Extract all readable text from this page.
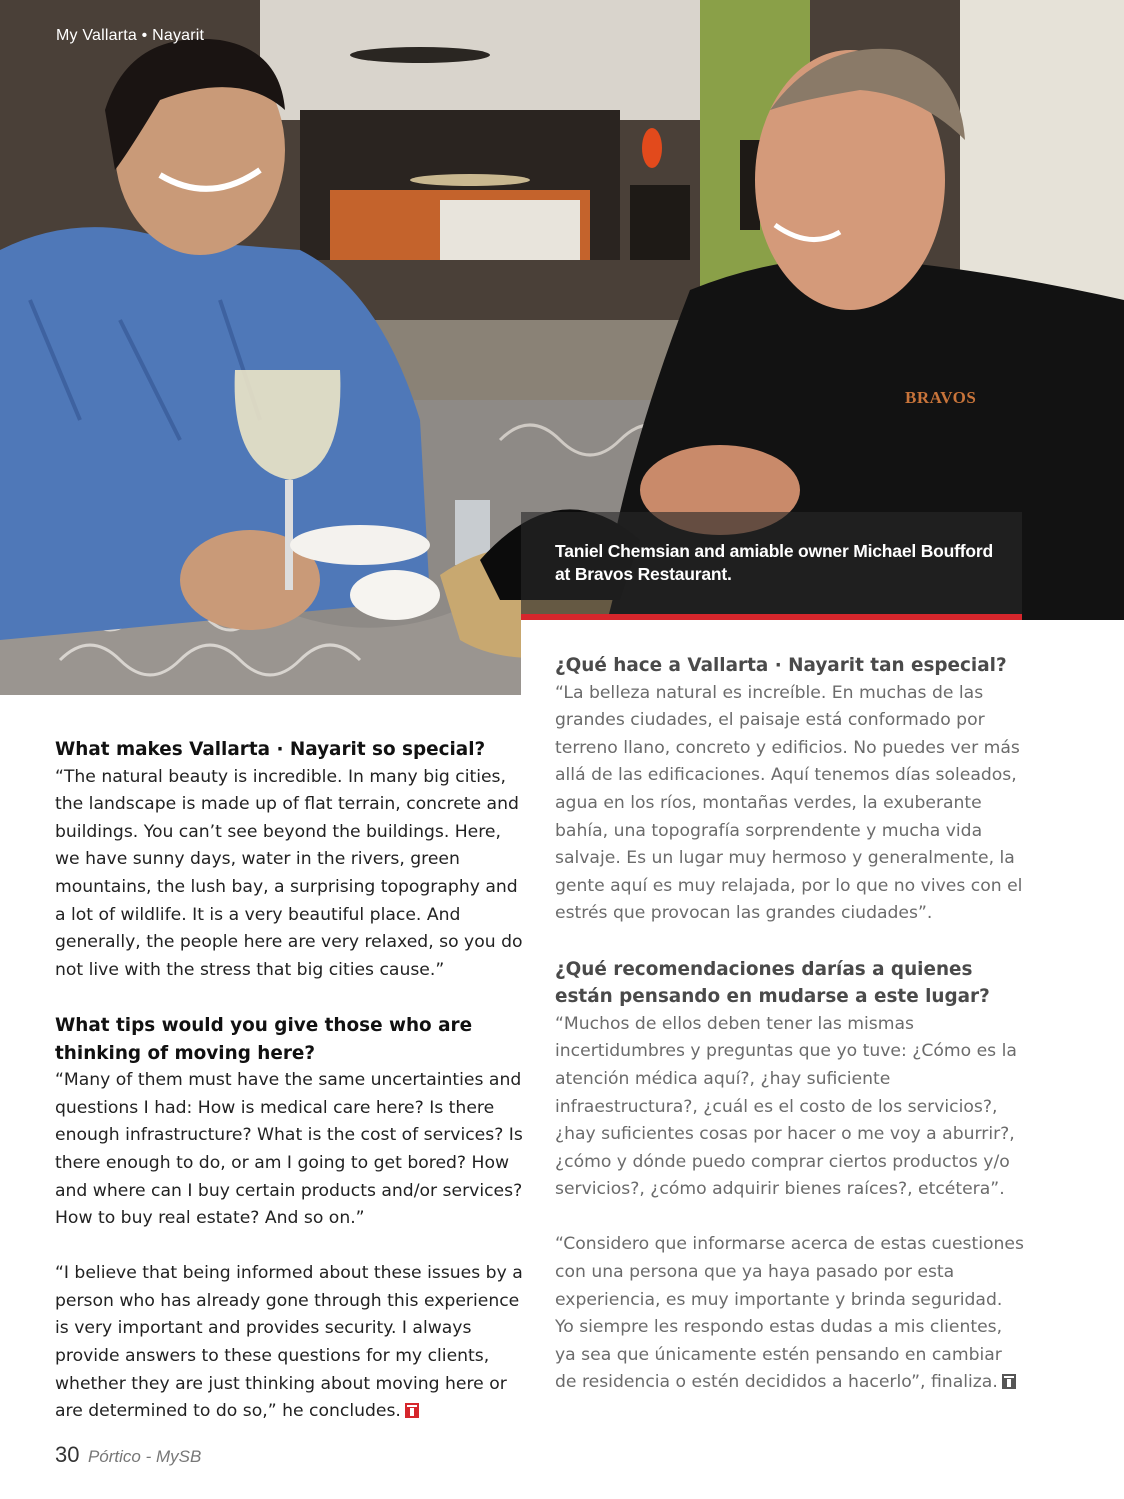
My Vallarta • Nayarit
BRAVOS
Taniel Chemsian and amiable owner Michael Boufford at Bravos Restaurant.
What makes Vallarta · Nayarit so special?

“The natural beauty is incredible. In many big cities, the landscape is made up of flat terrain, concrete and buildings. You can’t see beyond the buildings. Here, we have sunny days, water in the rivers, green mountains, the lush bay, a surprising topography and a lot of wildlife. It is a very beautiful place. And generally, the people here are very relaxed, so you do not live with the stress that big cities cause.”

What tips would you give those who are thinking of moving here?

“Many of them must have the same uncertainties and questions I had: How is medical care here? Is there enough infrastructure? What is the cost of services? Is there enough to do, or am I going to get bored? How and where can I buy certain products and/or services? How to buy real estate? And so on.”

“I believe that being informed about these issues by a person who has already gone through this experience is very important and provides security. I always provide answers to these questions for my clients, whether they are just thinking about moving here or are determined to do so,” he concludes.

¿Qué hace a Vallarta · Nayarit tan especial?

“La belleza natural es increíble. En muchas de las grandes ciudades, el paisaje está conformado por terreno llano, concreto y edificios. No puedes ver más allá de las edificaciones. Aquí tenemos días soleados, agua en los ríos, montañas verdes, la exuberante bahía, una topografía sorprendente y mucha vida salvaje. Es un lugar muy hermoso y generalmente, la gente aquí es muy relajada, por lo que no vives con el estrés que provocan las grandes ciudades”.

¿Qué recomendaciones darías a quienes están pensando en mudarse a este lugar?

“Muchos de ellos deben tener las mismas incertidumbres y preguntas que yo tuve: ¿Cómo es la atención médica aquí?, ¿hay suficiente infraestructura?, ¿cuál es el costo de los servicios?, ¿hay suficientes cosas por hacer o me voy a aburrir?, ¿cómo y dónde puedo comprar ciertos productos y/o servicios?, ¿cómo adquirir bienes raíces?, etcétera”.

“Considero que informarse acerca de estas cuestiones con una persona que ya haya pasado por esta experiencia, es muy importante y brinda seguridad. Yo siempre les respondo estas dudas a mis clientes, ya sea que únicamente estén pensando en cambiar de residencia o estén decididos a hacerlo”, finaliza.

30 Pórtico - MySB
